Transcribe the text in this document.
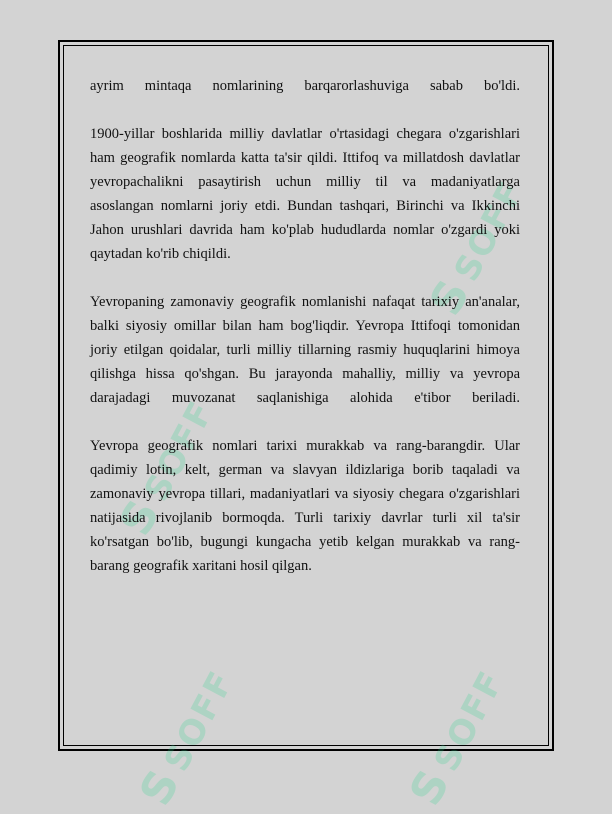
SSOFF
SSOFF
SSOFF
SSOFF

ayrim mintaqa nomlarining barqarorlashuviga sabab bo'ldi.

1900-yillar boshlarida milliy davlatlar o'rtasidagi chegara o'zgarishlari ham geografik nomlarda katta ta'sir qildi. Ittifoq va millatdosh davlatlar yevropachalikni pasaytirish uchun milliy til va madaniyatlarga asoslangan nomlarni joriy etdi. Bundan tashqari, Birinchi va Ikkinchi Jahon urushlari davrida ham ko'plab hududlarda nomlar o'zgardi yoki qaytadan ko'rib chiqildi.

Yevropaning zamonaviy geografik nomlanishi nafaqat tarixiy an'analar, balki siyosiy omillar bilan ham bog'liqdir. Yevropa Ittifoqi tomonidan joriy etilgan qoidalar, turli milliy tillarning rasmiy huquqlarini himoya qilishga hissa qo'shgan. Bu jarayonda mahalliy, milliy va yevropa darajadagi muvozanat saqlanishiga alohida e'tibor beriladi.

Yevropa geografik nomlari tarixi murakkab va rang-barangdir. Ular qadimiy lotin, kelt, german va slavyan ildizlariga borib taqaladi va zamonaviy yevropa tillari, madaniyatlari va siyosiy chegara o'zgarishlari natijasida rivojlanib bormoqda. Turli tarixiy davrlar turli xil ta'sir ko'rsatgan bo'lib, bugungi kungacha yetib kelgan murakkab va rang-barang geografik xaritani hosil qilgan.
